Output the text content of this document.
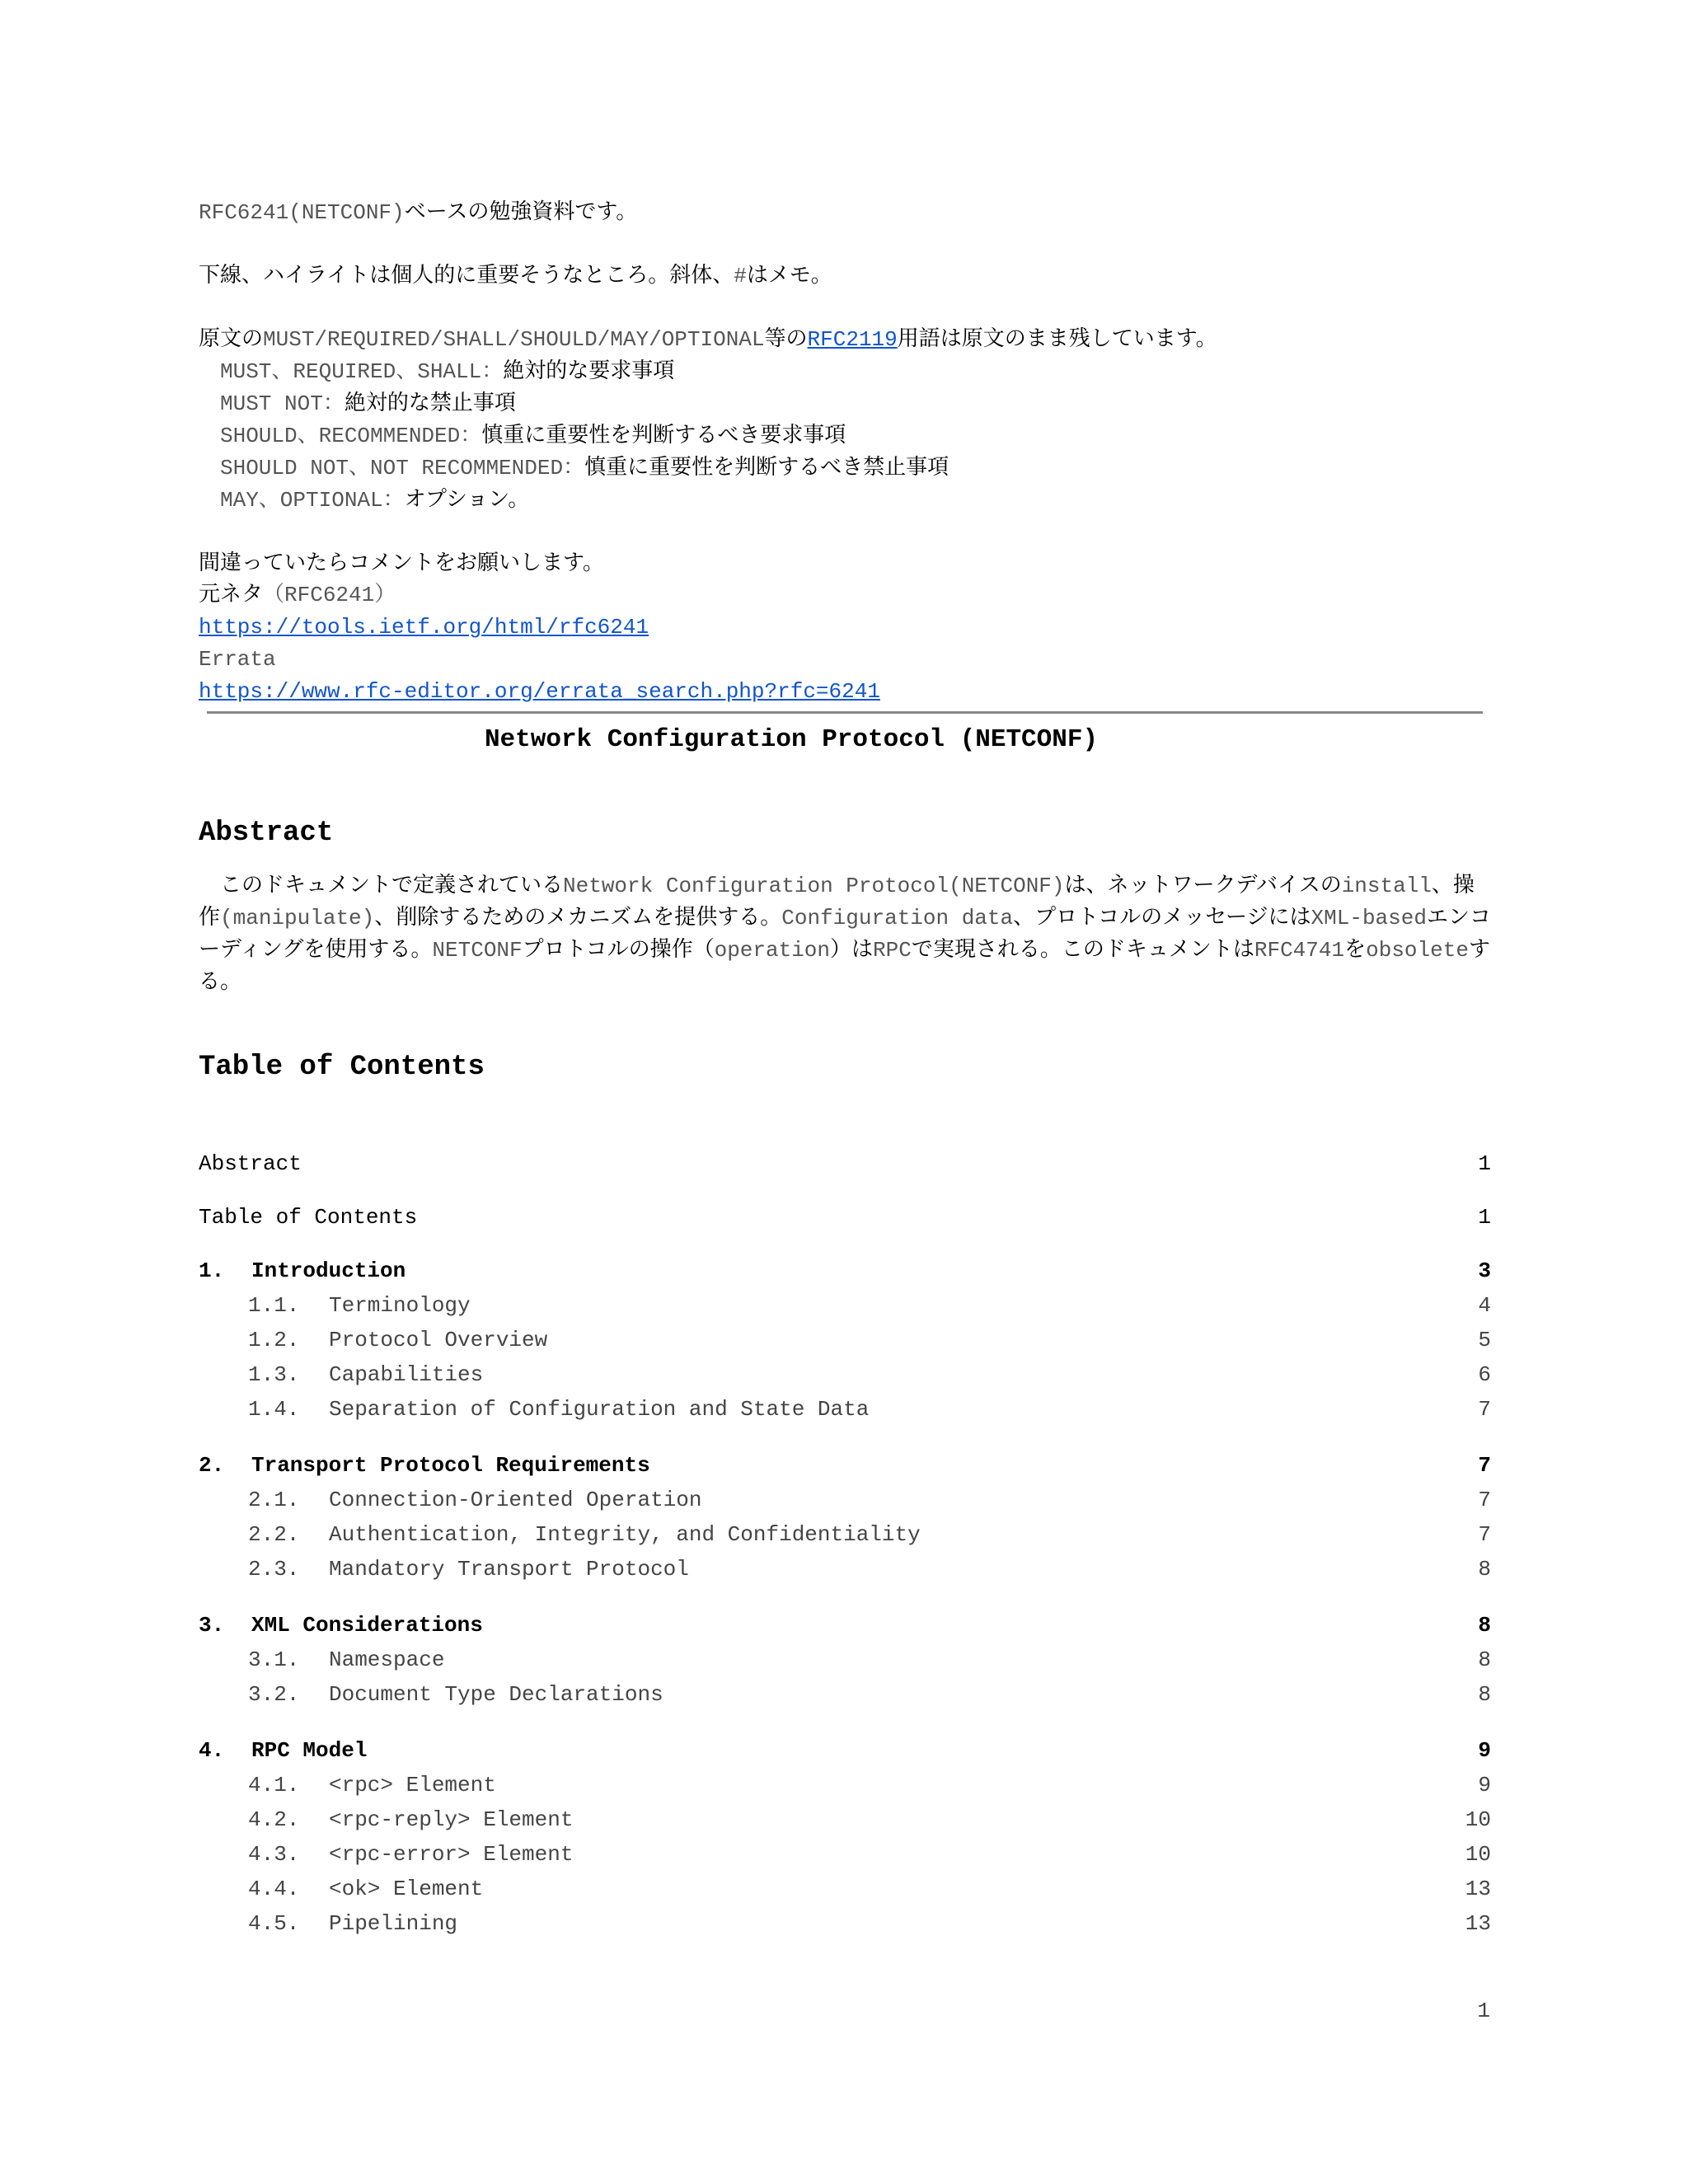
RFC6241(NETCONF)ベースの勉強資料です。

下線、ハイライトは個人的に重要そうなところ。斜体、#はメモ。

原文のMUST/REQUIRED/SHALL/SHOULD/MAY/OPTIONAL等のRFC2119用語は原文のまま残しています。

MUST、REQUIRED、SHALL：絶対的な要求事項

MUST NOT：絶対的な禁止事項

SHOULD、RECOMMENDED：慎重に重要性を判断するべき要求事項

SHOULD NOT、NOT RECOMMENDED：慎重に重要性を判断するべき禁止事項

MAY、OPTIONAL：オプション。

間違っていたらコメントをお願いします。

元ネタ（RFC6241）

https://tools.ietf.org/html/rfc6241

Errata

https://www.rfc-editor.org/errata_search.php?rfc=6241

Network Configuration Protocol (NETCONF)
Abstract

　このドキュメントで定義されているNetwork Configuration Protocol(NETCONF)は、ネットワークデバイスのinstall、操作(manipulate)、削除するためのメカニズムを提供する。Configuration data、プロトコルのメッセージにはXML-basedエンコーディングを使用する。NETCONFプロトコルの操作（operation）はRPCで実現される。このドキュメントはRFC4741をobsoleteする。

Table of Contents
Abstract	1
Table of Contents	1
1. Introduction	3
1.1. Terminology	4
1.2. Protocol Overview	5
1.3. Capabilities	6
1.4. Separation of Configuration and State Data	7
2. Transport Protocol Requirements	7
2.1. Connection-Oriented Operation	7
2.2. Authentication, Integrity, and Confidentiality	7
2.3. Mandatory Transport Protocol	8
3. XML Considerations	8
3.1. Namespace	8
3.2. Document Type Declarations	8
4. RPC Model	9
4.1. <rpc> Element	9
4.2. <rpc-reply> Element	10
4.3. <rpc-error> Element	10
4.4. <ok> Element	13
4.5. Pipelining	13
1
